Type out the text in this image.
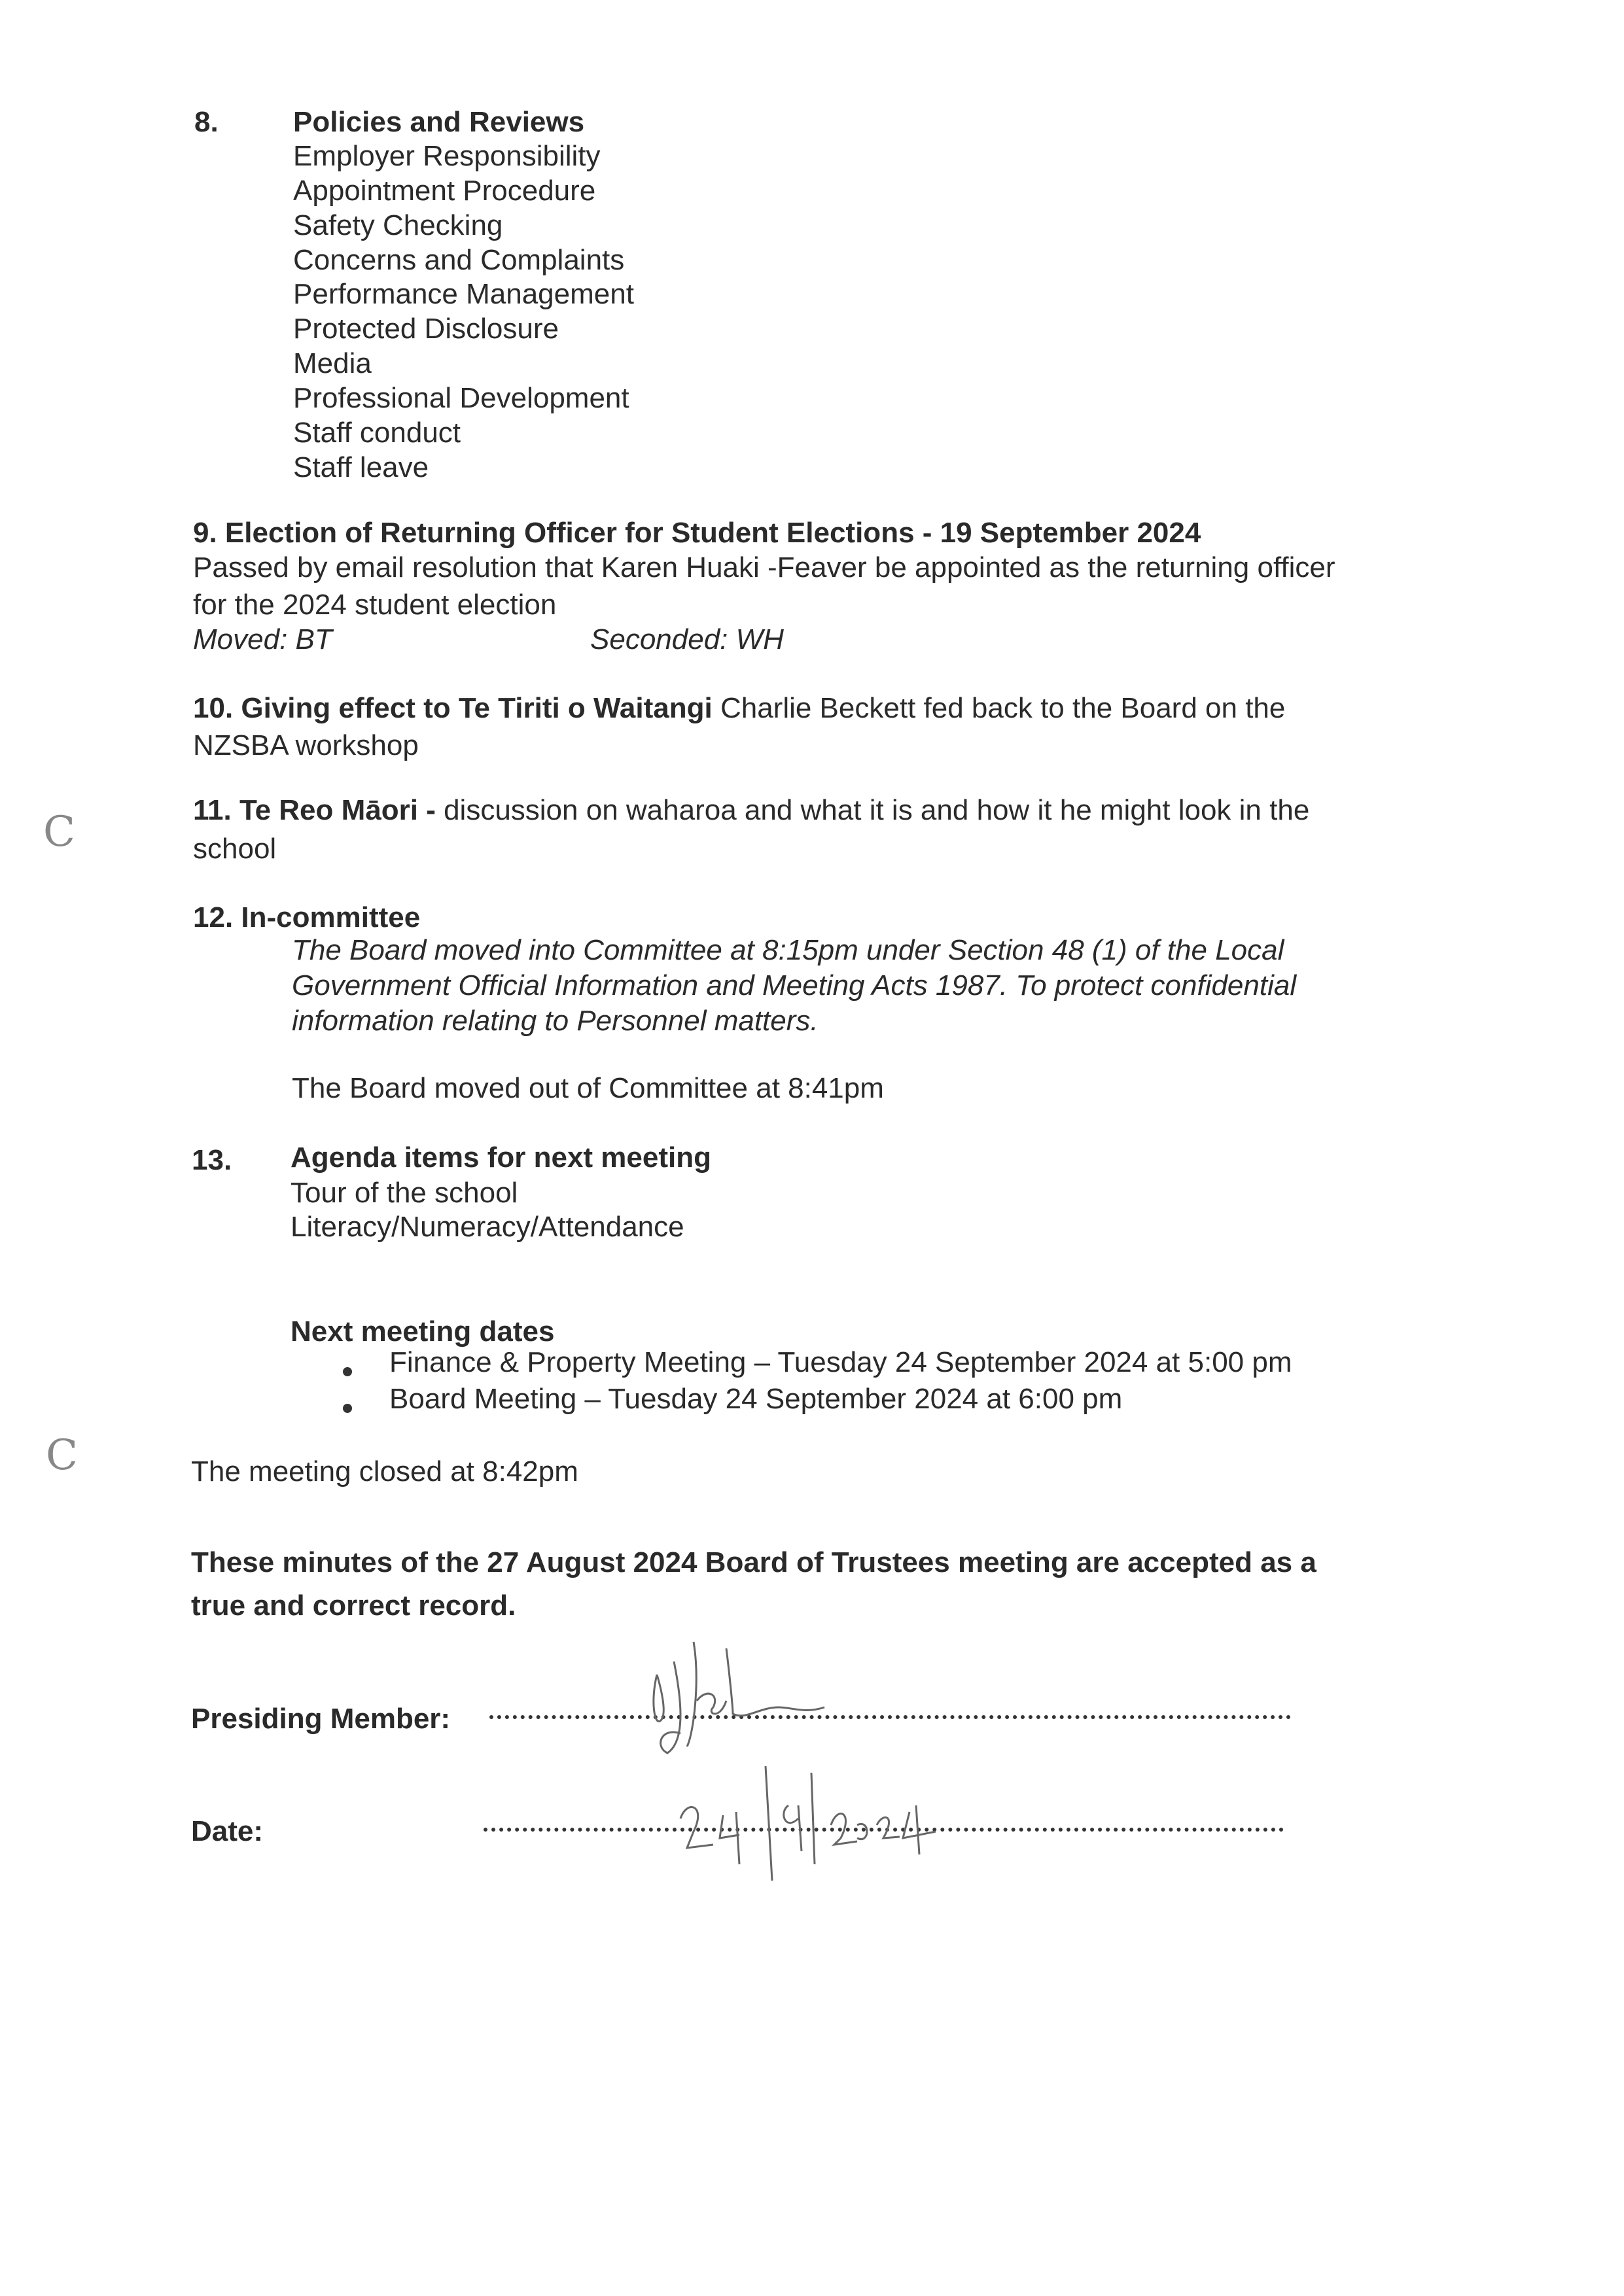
C
C
8.	Policies and Reviews
Employer Responsibility
Appointment Procedure
Safety Checking
Concerns and Complaints
Performance Management
Protected Disclosure
Media
Professional Development
Staff conduct
Staff leave
9. Election of Returning Officer for Student Elections - 19 September 2024
Passed by email resolution that Karen Huaki -Feaver be appointed as the returning officer
for the 2024 student election
Moved: BT	Seconded: WH
10. Giving effect to Te Tiriti o Waitangi Charlie Beckett fed back to the Board on the
NZSBA workshop
11. Te Reo Māori - discussion on waharoa and what it is and how it he might look in the
school
12. In-committee
The Board moved into Committee at 8:15pm under Section 48 (1) of the Local
Government Official Information and Meeting Acts 1987. To protect confidential
information relating to Personnel matters.
The Board moved out of Committee at 8:41pm
13. Agenda items for next meeting
Tour of the school
Literacy/Numeracy/Attendance
Next meeting dates
Finance & Property Meeting – Tuesday 24 September 2024 at 5:00 pm
Board Meeting – Tuesday 24 September 2024 at 6:00 pm
The meeting closed at 8:42pm
These minutes of the 27 August 2024 Board of Trustees meeting are accepted as a
true and correct record.
Presiding Member:
Date:
